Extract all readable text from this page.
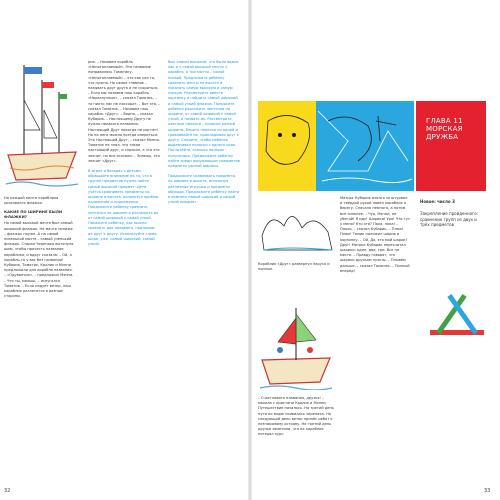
На каждой мачте кораблика красовался флажок.
КАКИЕ ПО ШИРИНЕ БЫЛИ ФЛАЖКИ?
На самой высокой мачте был самый широкий флажок. На мачте пониже – флажок поуже. А на самой низенькой мачте – самый узенький флажок. Старая Черепаха вытянула шею, чтобы прочесть название кораблика, и вдруг сказала: – Ой, а корабль-то у вас без названия! Кубарик, Томатик, Кролик и Мэнни предложили для корабля названия. – «Одуванчик», – предложил Мэнни. – Что ты, малыш, – испугался Томатик. – Если подует ветер, наш кораблик разлетится в разные стороны.
рик. – Назовем корабль «Непотопляемый». Это название понравилось Томатику. «Непотопляемый» – это как раз то, что нужно. Но самое главное – называть друг друга и не ссориться. – Если мы назовем наш корабль «Неразлучные», – сказал Томатик, – то никто нас не поссорит. – Вот это, – сказал Томатик. – Назовем наш корабль «Друг». – Верно, – сказал Кубарик. – Настоящему Другу не нужно никакого названия. Настоящий Друг никогда не рыгнет! Но на него можно всегда опереться. Это Настоящий Друг, – сказал Мэнни. Томатик не знал, что такое настоящий друг, и спросил, а что это значит, но все сказали: – Знаешь, это значит «Друг».
В играх и беседах с детьми обращайте внимание на то, что в группе предметов нужно найти самый высокий предмет. Дети учатся сравнивать предметы по ширине и высоте, используя приёмы наложения и приложения. Предложите ребёнку сравнить ленточки по ширине и разложить их от самой широкой к самой узкой. Покажите ребёнку, как можно сравнить два предмета, приложив их друг к другу. Используйте слова: шире, уже, самый широкий, самый узкий.
был самым высоким, что было видно как и у самой высокой мачты у корабля, а три мачты – самой низкой. Предложите ребёнку сравнить мачты по высоте и показать самую высокую и самую низкую. Рассмотрите вместе картинку и найдите самый широкий и самый узкий флажок. Попросите ребёнка разложить ленточки по ширине, от самой широкой к самой узкой, и назвать их. Рассмотрите цветные полоски – полоски разной ширины. Берите полоски по одной и сравнивайте их, прикладывая друг к другу. Следите, чтобы ребёнок выравнивал полоски с одного края. Посчитайте, сколько полосок получилось. Предложите ребёнку найти среди окружающих предметов предметы разной ширины.
Продолжите сравнивать предметы по ширине и высоте, используя различные игрушки и предметы обихода. Предложите ребёнку найти в комнате самый широкий и самый узкий предмет.
32
ГЛАВА 11 МОРСКАЯ ДРУЖБА
Новое: число 3
Закрепление пройденного: сравнение групп из двух и трёх предметов
Кораблик «Друг» развернул паруса и поплыл.
– Счастливого плавания, друзья! – махала с пристани Кролик и Мэнни. Путешествие началось. На третий день пути по морю появилась черепаха. На следующий день ветер принёс ребят к незнакомому острову. На третий день друзья заметили, что их кораблик потерял курс.
Матрос Кубарик взялся за штурвал и твёрдой рукой повёл кораблик к берегу. Сначала немного, а потом все сильнее. – Чур, Мэнни, не убегай! Я иду! Шарики! Ура! Что тут у меня? Кто это? Пока, пока! – Плохо, – сказал Кубарик, – Плюх! Плюх! Томик положил шарик в корзинку. – Ой, Да, это мой шарик! Друг! Матрос Кубарик пересчитал шарики: один, два, три. Все на месте. – Правду говорят, что шарики друзьям нужны. – Плывём дальше, – сказал Томатик. – Полный вперёд!
33
